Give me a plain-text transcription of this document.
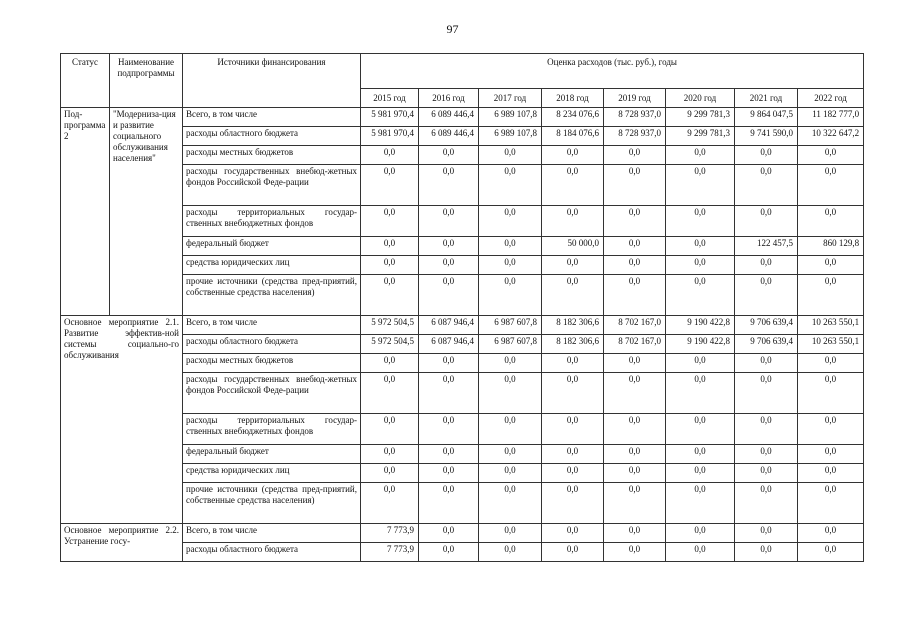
97
Статус	Наименование подпрограммы	Источники финансирования	Оценка расходов (тыс. руб.), годы							
			2015 год	2016 год	2017 год	2018 год	2019 год	2020 год	2021 год	2022 год
Под-программа 2	"Модерниза-ция и развитие социального обслуживания населения"	Всего, в том числе	5 981 970,4	6 089 446,4	6 989 107,8	8 234 076,6	8 728 937,0	9 299 781,3	9 864 047,5	11 182 777,0
		расходы областного бюджета	5 981 970,4	6 089 446,4	6 989 107,8	8 184 076,6	8 728 937,0	9 299 781,3	9 741 590,0	10 322 647,2
		расходы местных бюджетов	0,0	0,0	0,0	0,0	0,0	0,0	0,0	0,0
		расходы государственных внебюд-жетных фондов Российской Феде-рации	0,0	0,0	0,0	0,0	0,0	0,0	0,0	0,0
		расходы территориальных государ-ственных внебюджетных фондов	0,0	0,0	0,0	0,0	0,0	0,0	0,0	0,0
		федеральный бюджет	0,0	0,0	0,0	50 000,0	0,0	0,0	122 457,5	860 129,8
		средства юридических лиц	0,0	0,0	0,0	0,0	0,0	0,0	0,0	0,0
		прочие источники (средства пред-приятий, собственные средства населения)	0,0	0,0	0,0	0,0	0,0	0,0	0,0	0,0
Основное мероприятие 2.1. Развитие эффектив-ной системы социально-го обслуживания		Всего, в том числе	5 972 504,5	6 087 946,4	6 987 607,8	8 182 306,6	8 702 167,0	9 190 422,8	9 706 639,4	10 263 550,1
		расходы областного бюджета	5 972 504,5	6 087 946,4	6 987 607,8	8 182 306,6	8 702 167,0	9 190 422,8	9 706 639,4	10 263 550,1
		расходы местных бюджетов	0,0	0,0	0,0	0,0	0,0	0,0	0,0	0,0
		расходы государственных внебюд-жетных фондов Российской Феде-рации	0,0	0,0	0,0	0,0	0,0	0,0	0,0	0,0
		расходы территориальных государ-ственных внебюджетных фондов	0,0	0,0	0,0	0,0	0,0	0,0	0,0	0,0
		федеральный бюджет	0,0	0,0	0,0	0,0	0,0	0,0	0,0	0,0
		средства юридических лиц	0,0	0,0	0,0	0,0	0,0	0,0	0,0	0,0
		прочие источники (средства пред-приятий, собственные средства населения)	0,0	0,0	0,0	0,0	0,0	0,0	0,0	0,0
Основное мероприятие 2.2. Устранение госу-		Всего, в том числе	7 773,9	0,0	0,0	0,0	0,0	0,0	0,0	0,0
		расходы областного бюджета	7 773,9	0,0	0,0	0,0	0,0	0,0	0,0	0,0
